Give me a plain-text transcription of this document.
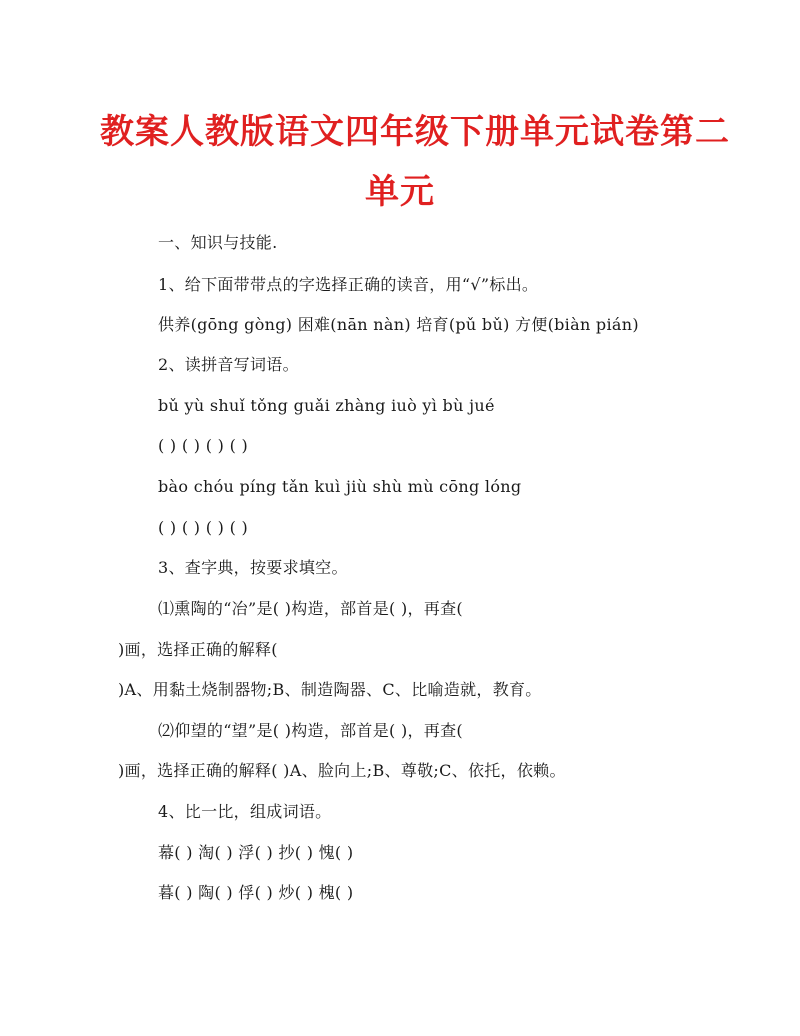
教案人教版语文四年级下册单元试卷第二
单元
一、知识与技能.
1、给下面带带点的字选择正确的读音，用“√”标出。
供养(gōng gòng) 困难(nān nàn) 培育(pǔ bǔ) 方便(biàn pián)
2、读拼音写词语。
bǔ yù shuǐ tǒng guǎi zhàng iuò yì bù jué
( ) ( ) ( ) ( )
bào chóu píng tǎn kuì jiù shù mù cōng lóng
( ) ( ) ( ) ( )
3、查字典，按要求填空。
⑴熏陶的“冶”是( )构造，部首是( )，再查(
)画，选择正确的解释(
)A、用黏土烧制器物;B、制造陶器、C、比喻造就，教育。
⑵仰望的“望”是( )构造，部首是( )，再查(
)画，选择正确的解释( )A、脸向上;B、尊敬;C、依托，依赖。
4、比一比，组成词语。
幕( ) 淘( ) 浮( ) 抄( ) 愧( )
暮( ) 陶( ) 俘( ) 炒( ) 槐( )
